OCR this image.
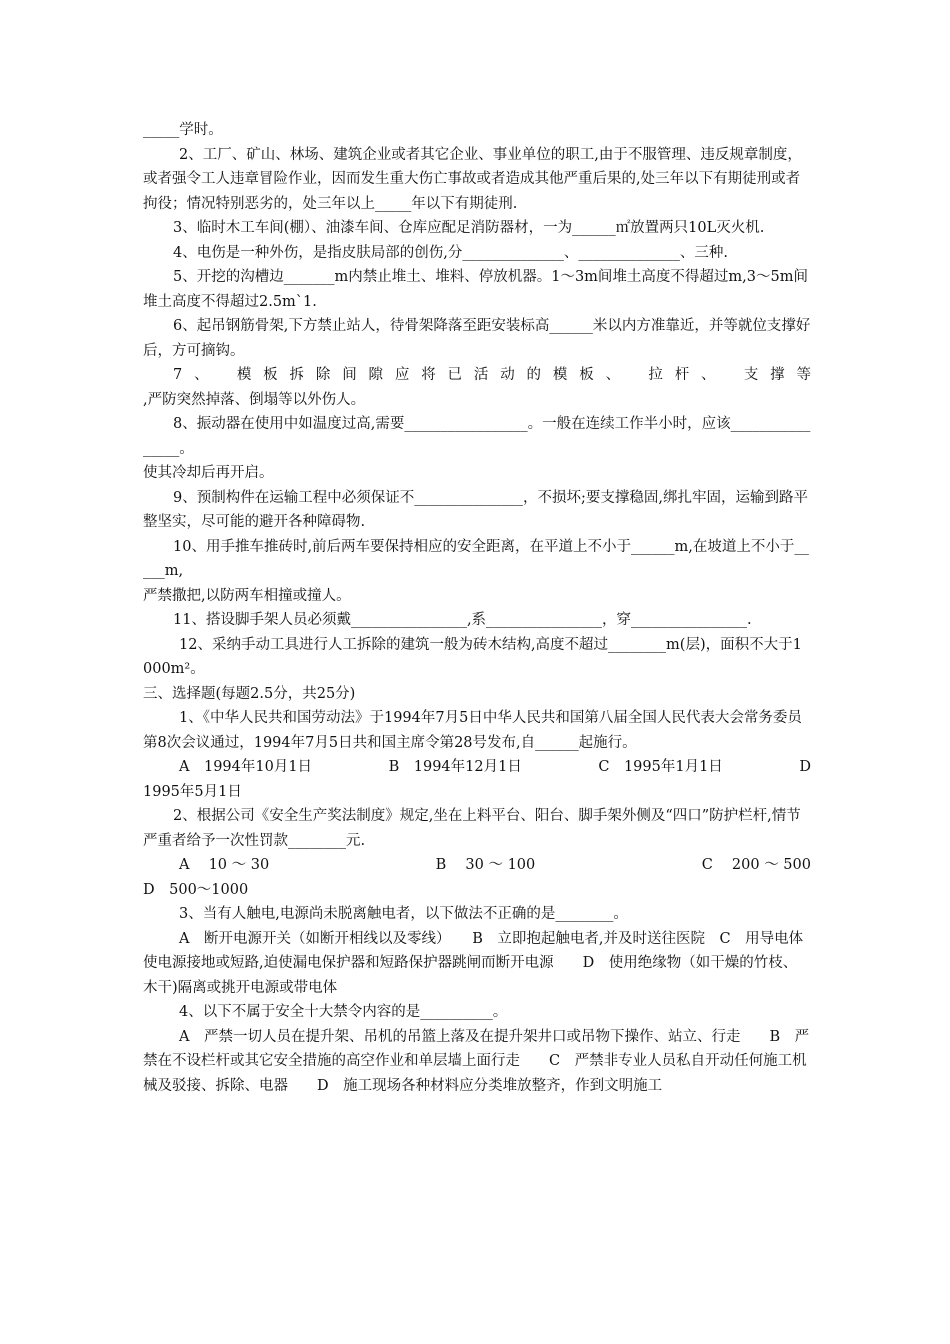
_____学时。

2、工厂、矿山、林场、建筑企业或者其它企业、事业单位的职工,由于不服管理、违反规章制度，或者强令工人违章冒险作业，因而发生重大伤亡事故或者造成其他严重后果的,处三年以下有期徒刑或者拘役；情况特别恶劣的，处三年以上_____年以下有期徒刑.

3、临时木工车间(棚）、油漆车间、仓库应配足消防器材，一为______㎡放置两只10L灭火机.

4、电伤是一种外伤，是指皮肤局部的创伤,分______________、______________、三种.

5、开挖的沟槽边_______m内禁止堆土、堆料、停放机器。1～3m间堆土高度不得超过m,3～5m间堆土高度不得超过2.5m`1.

6、起吊钢筋骨架,下方禁止站人，待骨架降落至距安装标高______米以内方准靠近，并等就位支撑好后，方可摘钩。

7、 模板拆除间隙应将已活动的模板、 拉杆、 支撑等

,严防突然掉落、倒塌等以外伤人。

8、振动器在使用中如温度过高,需要_________________。一般在连续工作半小时，应该________________。

使其冷却后再开启。

9、预制构件在运输工程中必须保证不_______________，不损坏;要支撑稳固,绑扎牢固，运输到路平整坚实，尽可能的避开各种障碍物.

10、用手推车推砖时,前后两车要保持相应的安全距离，在平道上不小于______m,在坡道上不小于_____m,

严禁撒把,以防两车相撞或撞人。

11、搭设脚手架人员必须戴________________,系________________，穿________________.

12、采纳手动工具进行人工拆除的建筑一般为砖木结构,高度不超过________m(层)，面积不大于1000m²。

三、选择题(每题2.5分，共25分)

1、《中华人民共和国劳动法》于1994年7月5日中华人民共和国第八届全国人民代表大会常务委员第8次会议通过，1994年7月5日共和国主席令第28号发布,自______起施行。

A　1994年10月1日	B　1994年12月1日	C　1995年1月1日	D

1995年5月1日

2、根据公司《安全生产奖法制度》规定,坐在上料平台、阳台、脚手架外侧及“四口”防护栏杆,情节严重者给予一次性罚款________元.

A　 10 ～ 30	B　 30 ～ 100	C　 200 ～ 500

D　500～1000

3、当有人触电,电源尚未脱离触电者，以下做法不正确的是________。

A　断开电源开关（如断开相线以及零线）　　B　立即抱起触电者,并及时送往医院　C　用导电体使电源接地或短路,迫使漏电保护器和短路保护器跳闸而断开电源　　D　使用绝缘物（如干燥的竹枝、木干)隔离或挑开电源或带电体

4、以下不属于安全十大禁令内容的是__________。

A　严禁一切人员在提升架、吊机的吊篮上落及在提升架井口或吊物下操作、站立、行走　　B　严禁在不设栏杆或其它安全措施的高空作业和单层墙上面行走　　C　严禁非专业人员私自开动任何施工机械及驳接、拆除、电器　　D　施工现场各种材料应分类堆放整齐，作到文明施工
